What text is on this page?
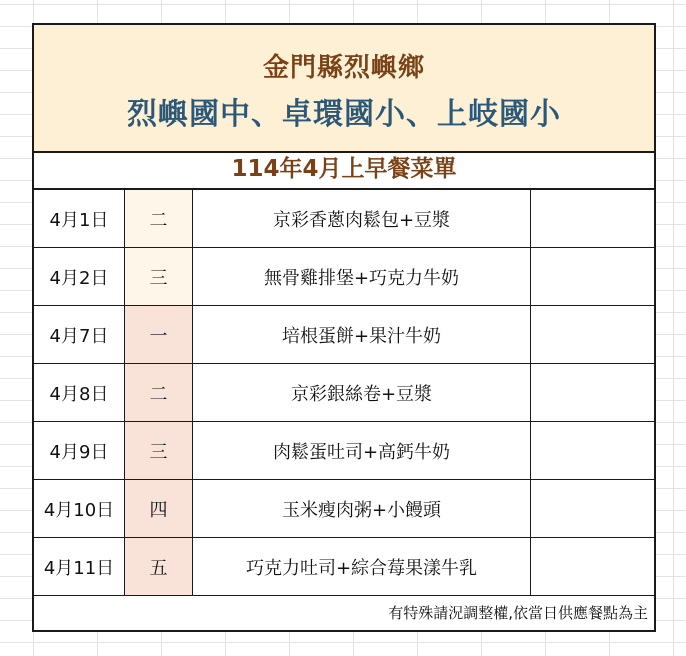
金門縣烈嶼鄉
烈嶼國中、卓環國小、上岐國小
114年4月上早餐菜單
4月1日	二	京彩香蔥肉鬆包+豆漿
4月2日	三	無骨雞排堡+巧克力牛奶
4月7日	一	培根蛋餅+果汁牛奶
4月8日	二	京彩銀絲卷+豆漿
4月9日	三	肉鬆蛋吐司+高鈣牛奶
4月10日	四	玉米瘦肉粥+小饅頭
4月11日	五	巧克力吐司+綜合莓果漾牛乳
有特殊請況調整權,依當日供應餐點為主
